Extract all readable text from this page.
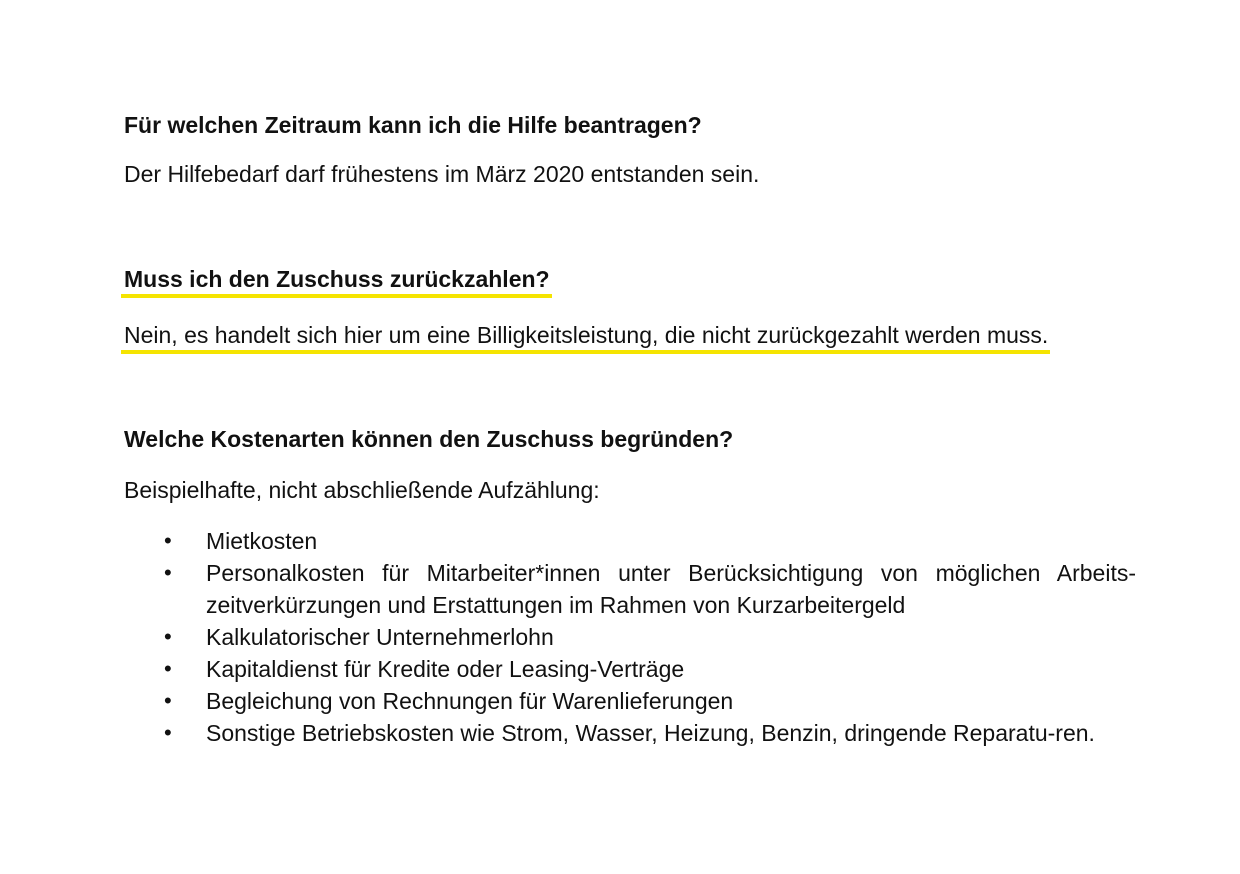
Für welchen Zeitraum kann ich die Hilfe beantragen?
Der Hilfebedarf darf frühestens im März 2020 entstanden sein.
Muss ich den Zuschuss zurückzahlen?
Nein, es handelt sich hier um eine Billigkeitsleistung, die nicht zurückgezahlt werden muss.
Welche Kostenarten können den Zuschuss begründen?
Beispielhafte, nicht abschließende Aufzählung:
• Mietkosten
• Personalkosten für Mitarbeiter*innen unter Berücksichtigung von möglichen Arbeits-zeitverkürzungen und Erstattungen im Rahmen von Kurzarbeitergeld
• Kalkulatorischer Unternehmerlohn
• Kapitaldienst für Kredite oder Leasing-Verträge
• Begleichung von Rechnungen für Warenlieferungen
• Sonstige Betriebskosten wie Strom, Wasser, Heizung, Benzin, dringende Reparatu-ren.
